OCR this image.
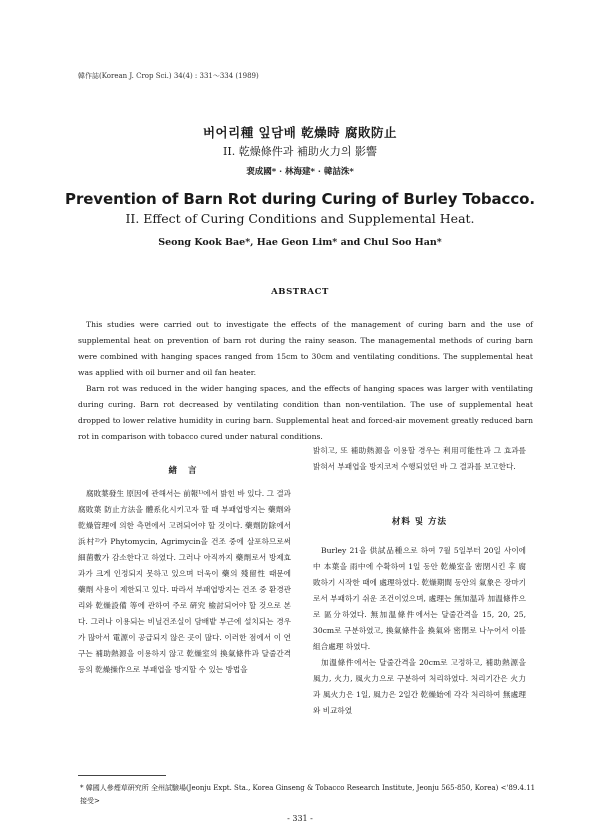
韓作誌(Korean J. Crop Sci.) 34(4) : 331～334 (1989)
버어리種 잎담배 乾燥時 腐敗防止
II. 乾燥條件과 補助火力의 影響
裵成國* · 林海建* · 韓詰洙*
Prevention of Barn Rot during Curing of Burley Tobacco.
II. Effect of Curing Conditions and Supplemental Heat.
Seong Kook Bae*, Hae Geon Lim* and Chul Soo Han*
ABSTRACT

This studies were carried out to investigate the effects of the management of curing barn and the use of supplemental heat on prevention of barn rot during the rainy season. The managemental methods of curing barn were combined with hanging spaces ranged from 15cm to 30cm and ventilating conditions. The supplemental heat was applied with oil burner and oil fan heater.

Barn rot was reduced in the wider hanging spaces, and the effects of hanging spaces was larger with ventilating during curing. Barn rot decreased by ventilating condition than non-ventilation. The use of supplemental heat dropped to lower relative humidity in curing barn. Supplemental heat and forced-air movement greatly reduced barn rot in comparison with tobacco cured under natural conditions.

緖 言

腐敗葉發生 原因에 관해서는 前報¹⁾에서 밝힌 바 있다. 그 결과 腐敗葉 防止方法을 體系化시키고자 할 때 부패엽방지는 藥劑와 乾燥管理에 의한 측면에서 고려되어야 할 것이다. 藥劑防除에서 浜村²⁾가 Phytomycin, Agrimycin을 건조 중에 살포하므로써 細菌數가 감소한다고 하였다. 그러나 아직까지 藥劑로서 방제효과가 크게 인정되지 못하고 있으며 더욱이 藥의 殘留性 때문에 藥劑 사용이 제한되고 있다. 따라서 부패엽방지는 건조 중 환경관리와 乾燥設備 等에 관하여 주로 硏究 檢討되어야 할 것으로 본다. 그러나 이용되는 비닐건조실이 담배밭 부근에 설치되는 경우가 많아서 電源이 공급되지 않은 곳이 많다. 이러한 점에서 이 연구는 補助熱源을 이용하지 않고 乾燥室의 換氣條件과 달줄간격 등의 乾燥操作으로 부패엽을 방지할 수 있는 방법을

밝히고, 또 補助熱源을 이용할 경우는 利用可能性과 그 효과를 밝혀서 부패엽을 방지코저 수행되었던 바 그 결과를 보고한다.

材料 및 方法

Burley 21을 供試品種으로 하여 7월 5일부터 20일 사이에 中 本葉을 雨中에 수확하여 1일 동안 乾燥室을 密閉시킨 후 腐敗하기 시작한 때에 處理하였다. 乾燥期間 동안의 氣象은 장마기로서 부패하기 쉬운 조건이었으며, 處理는 無加温과 加温條件으로 區分하였다. 無加温條件에서는 달줄간격을 15, 20, 25, 30cm로 구분하였고, 換氣條件을 換氣와 密閉로 나누어서 이를 組合處理 하였다.

加溫條件에서는 달줄간격을 20cm로 고정하고, 補助熱源을 風力, 火力, 風火力으로 구분하여 처리하였다. 처리기간은 火力과 風火力은 1일, 風力은 2일간 乾燥始에 각각 처리하여 無處理와 비교하였

* 韓國人參煙草硏究所 全州試驗場(Jeonju Expt. Sta., Korea Ginseng & Tobacco Research Institute, Jeonju 565-850, Korea) <'89.4.11 接受>
- 331 -
